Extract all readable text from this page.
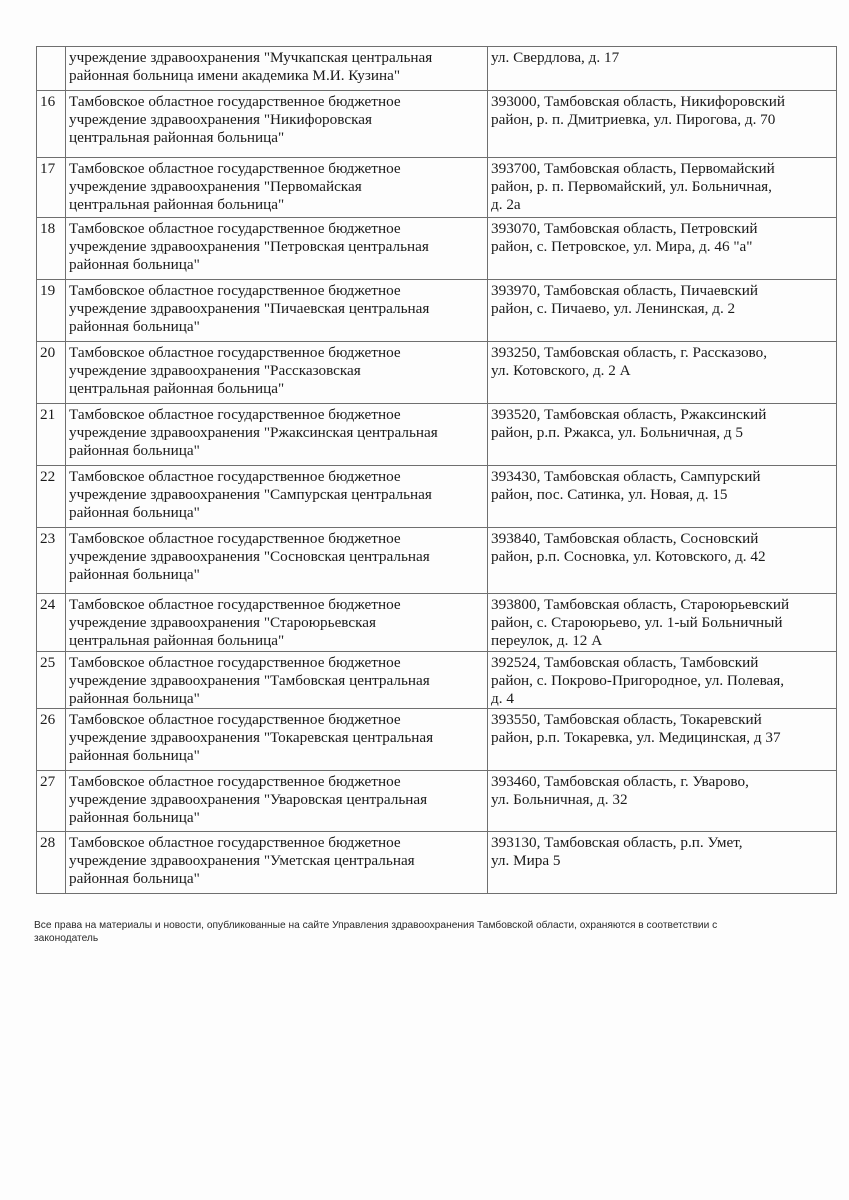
	учреждение здравоохранения "Мучкапская центральная
районная больница имени академика М.И. Кузина"	ул. Свердлова, д. 17

16	Тамбовское областное государственное бюджетное
учреждение здравоохранения "Никифоровская
центральная районная больница"	393000, Тамбовская область, Никифоровский
район, р. п. Дмитриевка, ул. Пирогова, д. 70

17	Тамбовское областное государственное бюджетное
учреждение здравоохранения "Первомайская
центральная районная больница"	393700, Тамбовская область, Первомайский
район, р. п. Первомайский, ул. Больничная,
д. 2а

18	Тамбовское областное государственное бюджетное
учреждение здравоохранения "Петровская центральная
районная больница"	393070, Тамбовская область, Петровский
район, с. Петровское, ул. Мира, д. 46 "а"

19	Тамбовское областное государственное бюджетное
учреждение здравоохранения "Пичаевская центральная
районная больница"	393970, Тамбовская область, Пичаевский
район, с. Пичаево, ул. Ленинская, д. 2

20	Тамбовское областное государственное бюджетное
учреждение здравоохранения "Рассказовская
центральная районная больница"	393250, Тамбовская область, г. Рассказово,
ул. Котовского, д. 2 А

21	Тамбовское областное государственное бюджетное
учреждение здравоохранения "Ржаксинская центральная
районная больница"	393520, Тамбовская область, Ржаксинский
район, р.п. Ржакса, ул. Больничная, д 5

22	Тамбовское областное государственное бюджетное
учреждение здравоохранения "Сампурская центральная
районная больница"	393430, Тамбовская область, Сампурский
район, пос. Сатинка, ул. Новая, д. 15

23	Тамбовское областное государственное бюджетное
учреждение здравоохранения "Сосновская центральная
районная больница"	393840, Тамбовская область, Сосновский
район, р.п. Сосновка, ул. Котовского, д. 42

24	Тамбовское областное государственное бюджетное
учреждение здравоохранения "Староюрьевская
центральная районная больница"	393800, Тамбовская область, Староюрьевский
район, с. Староюрьево, ул. 1-ый Больничный
переулок, д. 12 А

25	Тамбовское областное государственное бюджетное
учреждение здравоохранения "Тамбовская центральная
районная больница"	392524, Тамбовская область, Тамбовский
район, с. Покрово-Пригородное, ул. Полевая,
д. 4

26	Тамбовское областное государственное бюджетное
учреждение здравоохранения "Токаревская центральная
районная больница"	393550, Тамбовская область, Токаревский
район, р.п. Токаревка, ул. Медицинская, д 37

27	Тамбовское областное государственное бюджетное
учреждение здравоохранения "Уваровская центральная
районная больница"	393460, Тамбовская область, г. Уварово,
ул. Больничная, д. 32

28	Тамбовское областное государственное бюджетное
учреждение здравоохранения "Уметская центральная
районная больница"	393130, Тамбовская область, р.п. Умет,
ул. Мира 5
Все права на материалы и новости, опубликованные на сайте Управления здравоохранения Тамбовской области, охраняются в соответствии с
законодатель
